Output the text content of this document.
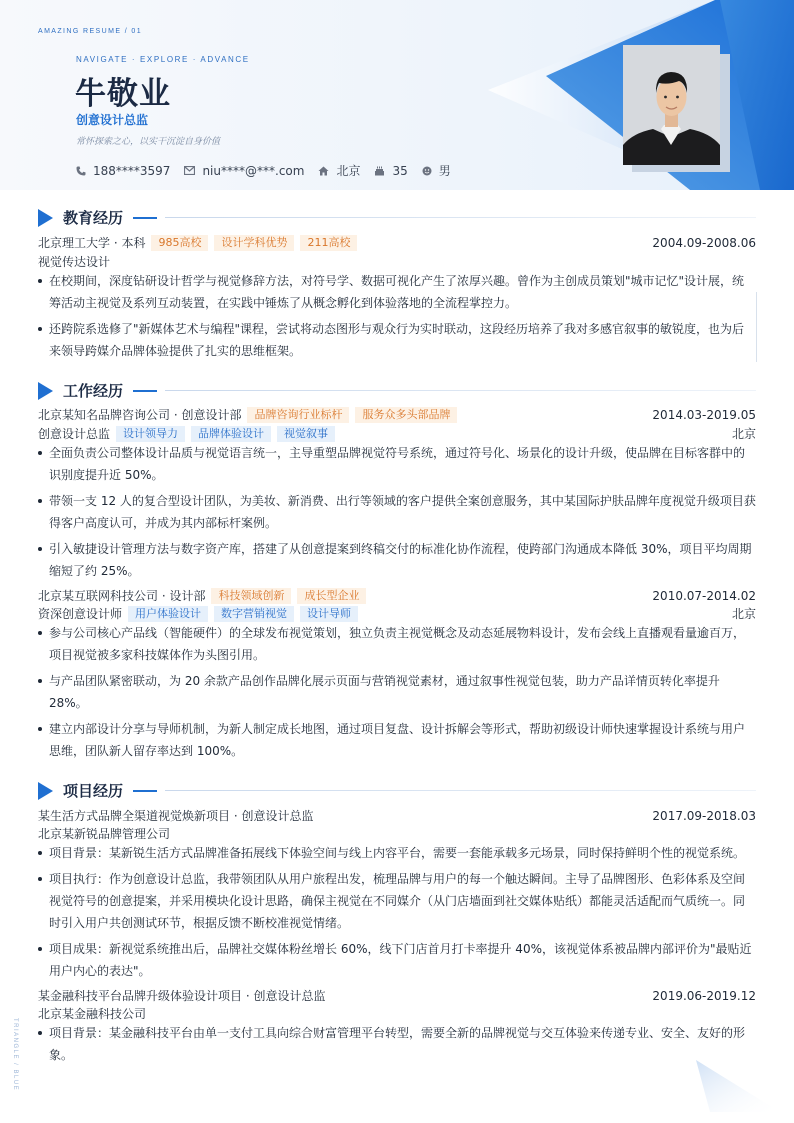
AMAZING RESUME / 01
NAVIGATE · EXPLORE · ADVANCE
牛敬业
创意设计总监
常怀探索之心，以实干沉淀自身价值
188****3597	niu****@***.com	北京	35	男
教育经历
北京理工大学 · 本科	985高校	设计学科优势	211高校	2004.09-2008.06
视觉传达设计
在校期间，深度钻研设计哲学与视觉修辞方法，对符号学、数据可视化产生了浓厚兴趣。曾作为主创成员策划"城市记忆"设计展，统筹活动主视觉及系列互动装置，在实践中锤炼了从概念孵化到体验落地的全流程掌控力。
还跨院系选修了"新媒体艺术与编程"课程，尝试将动态图形与观众行为实时联动，这段经历培养了我对多感官叙事的敏锐度，也为后来领导跨媒介品牌体验提供了扎实的思维框架。
工作经历
北京某知名品牌咨询公司 · 创意设计部	品牌咨询行业标杆	服务众多头部品牌	2014.03-2019.05
创意设计总监	设计领导力	品牌体验设计	视觉叙事	北京
全面负责公司整体设计品质与视觉语言统一，主导重塑品牌视觉符号系统，通过符号化、场景化的设计升级，使品牌在目标客群中的识别度提升近 50%。
带领一支 12 人的复合型设计团队，为美妆、新消费、出行等领域的客户提供全案创意服务，其中某国际护肤品牌年度视觉升级项目获得客户高度认可，并成为其内部标杆案例。
引入敏捷设计管理方法与数字资产库，搭建了从创意提案到终稿交付的标准化协作流程，使跨部门沟通成本降低 30%，项目平均周期缩短了约 25%。
北京某互联网科技公司 · 设计部	科技领域创新	成长型企业	2010.07-2014.02
资深创意设计师	用户体验设计	数字营销视觉	设计导师	北京
参与公司核心产品线（智能硬件）的全球发布视觉策划，独立负责主视觉概念及动态延展物料设计，发布会线上直播观看量逾百万，项目视觉被多家科技媒体作为头图引用。
与产品团队紧密联动，为 20 余款产品创作品牌化展示页面与营销视觉素材，通过叙事性视觉包装，助力产品详情页转化率提升 28%。
建立内部设计分享与导师机制，为新人制定成长地图，通过项目复盘、设计拆解会等形式，帮助初级设计师快速掌握设计系统与用户思维，团队新人留存率达到 100%。
项目经历
某生活方式品牌全渠道视觉焕新项目 · 创意设计总监	2017.09-2018.03
北京某新锐品牌管理公司
项目背景：某新锐生活方式品牌准备拓展线下体验空间与线上内容平台，需要一套能承载多元场景，同时保持鲜明个性的视觉系统。
项目执行：作为创意设计总监，我带领团队从用户旅程出发，梳理品牌与用户的每一个触达瞬间。主导了品牌图形、色彩体系及空间视觉符号的创意提案，并采用模块化设计思路，确保主视觉在不同媒介（从门店墙面到社交媒体贴纸）都能灵活适配而气质统一。同时引入用户共创测试环节，根据反馈不断校准视觉情绪。
项目成果：新视觉系统推出后，品牌社交媒体粉丝增长 60%，线下门店首月打卡率提升 40%，该视觉体系被品牌内部评价为"最贴近用户内心的表达"。
某金融科技平台品牌升级体验设计项目 · 创意设计总监	2019.06-2019.12
北京某金融科技公司
项目背景：某金融科技平台由单一支付工具向综合财富管理平台转型，需要全新的品牌视觉与交互体验来传递专业、安全、友好的形象。
TRIANGLE / BLUE
